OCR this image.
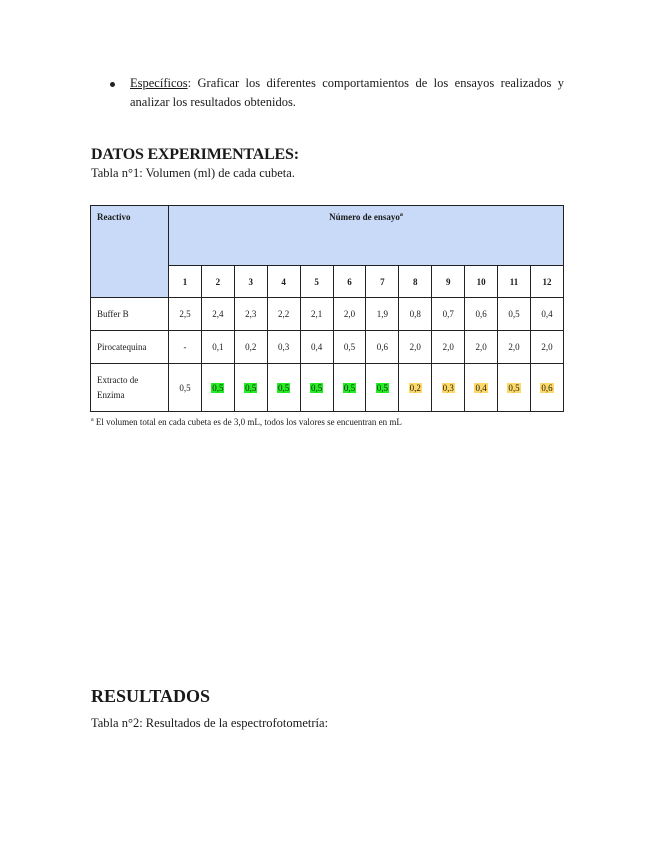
Específicos: Graficar los diferentes comportamientos de los ensayos realizados y analizar los resultados obtenidos.
DATOS EXPERIMENTALES:
Tabla n°1: Volumen (ml) de cada cubeta.
Reactivo	Número de ensayo$^a$
	1	2	3	4	5	6	7	8	9	10	11	12
Buffer B	2,5	2,4	2,3	2,2	2,1	2,0	1,9	0,8	0,7	0,6	0,5	0,4
Pirocatequina	-	0,1	0,2	0,3	0,4	0,5	0,6	2,0	2,0	2,0	2,0	2,0
Extracto de Enzima	0,5	0,5	0,5	0,5	0,5	0,5	0,5	0,2	0,3	0,4	0,5	0,6
$^a$ El volumen total en cada cubeta es de 3,0 mL, todos los valores se encuentran en mL
RESULTADOS
Tabla n°2: Resultados de la espectrofotometría:
